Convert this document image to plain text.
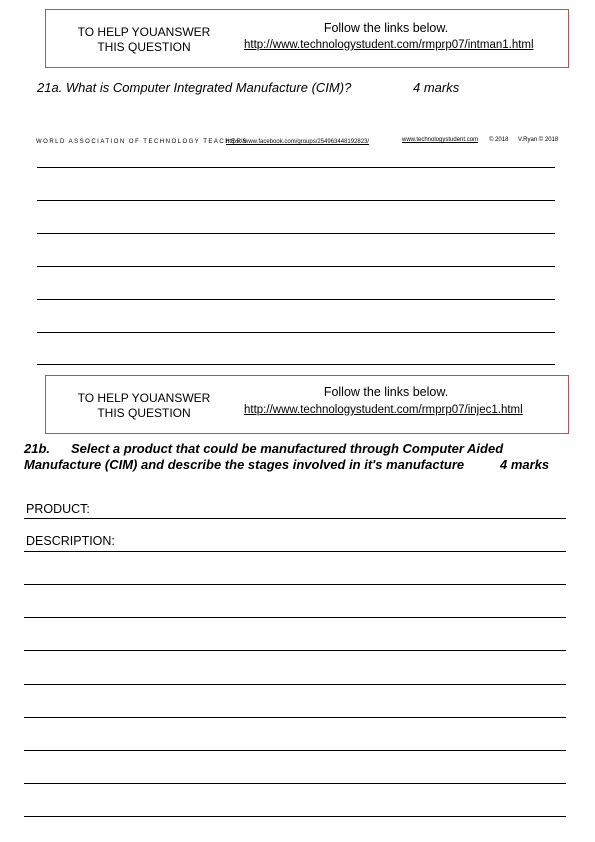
TO HELP YOUANSWER
THIS QUESTION
Follow the links below.
http://www.technologystudent.com/rmprp07/intman1.html
21a. What is Computer Integrated Manufacture (CIM)?	4 marks
WORLD ASSOCIATION OF TECHNOLOGY TEACHERS
https://www.facebook.com/groups/254963448192823/	www.technologystudent.com © 2018 V.Ryan © 2018
TO HELP YOUANSWER
THIS QUESTION
Follow the links below.
http://www.technologystudent.com/rmprp07/injec1.html
21b. Select a product that could be manufactured through Computer Aided
Manufacture (CIM) and describe the stages involved in it's manufacture	4 marks
PRODUCT:
DESCRIPTION:
